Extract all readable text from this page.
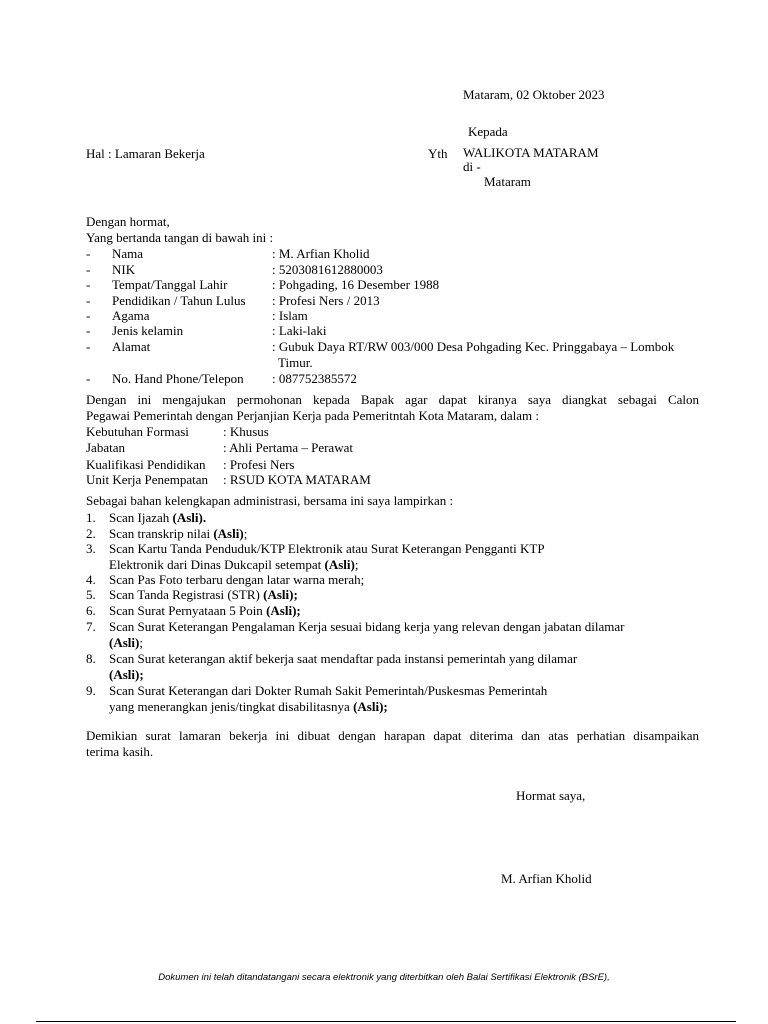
Mataram, 02 Oktober 2023
Kepada
Hal : Lamaran Bekerja	Yth WALIKOTA MATARAM
di -
Mataram
Dengan hormat,
Yang bertanda tangan di bawah ini :
- Nama	: M. Arfian Kholid
- NIK	: 5203081612880003
- Tempat/Tanggal Lahir	: Pohgading, 16 Desember 1988
- Pendidikan / Tahun Lulus : Profesi Ners / 2013
- Agama	: Islam
- Jenis kelamin	: Laki-laki
- Alamat	: Gubuk Daya RT/RW 003/000 Desa Pohgading Kec. Pringgabaya – Lombok
Timur.
- No. Hand Phone/Telepon : 087752385572
Dengan ini mengajukan permohonan kepada Bapak agar dapat kiranya saya diangkat sebagai Calon
Pegawai Pemerintah dengan Perjanjian Kerja pada Pemeritntah Kota Mataram, dalam :
Kebutuhan Formasi	: Khusus
Jabatan	: Ahli Pertama – Perawat
Kualifikasi Pendidikan : Profesi Ners
Unit Kerja Penempatan : RSUD KOTA MATARAM
Sebagai bahan kelengkapan administrasi, bersama ini saya lampirkan :
1. Scan Ijazah (Asli).
2. Scan transkrip nilai (Asli);
3. Scan Kartu Tanda Penduduk/KTP Elektronik atau Surat Keterangan Pengganti KTP
Elektronik dari Dinas Dukcapil setempat (Asli);
4. Scan Pas Foto terbaru dengan latar warna merah;
5. Scan Tanda Registrasi (STR) (Asli);
6. Scan Surat Pernyataan 5 Poin (Asli);
7. Scan Surat Keterangan Pengalaman Kerja sesuai bidang kerja yang relevan dengan jabatan dilamar
(Asli);
8. Scan Surat keterangan aktif bekerja saat mendaftar pada instansi pemerintah yang dilamar
(Asli);
9. Scan Surat Keterangan dari Dokter Rumah Sakit Pemerintah/Puskesmas Pemerintah
yang menerangkan jenis/tingkat disabilitasnya (Asli);
Demikian surat lamaran bekerja ini dibuat dengan harapan dapat diterima dan atas perhatian disampaikan
terima kasih.
Hormat saya,
M. Arfian Kholid
Dokumen ini telah ditandatangani secara elektronik yang diterbitkan oleh Balai Sertifikasi Elektronik (BSrE),
